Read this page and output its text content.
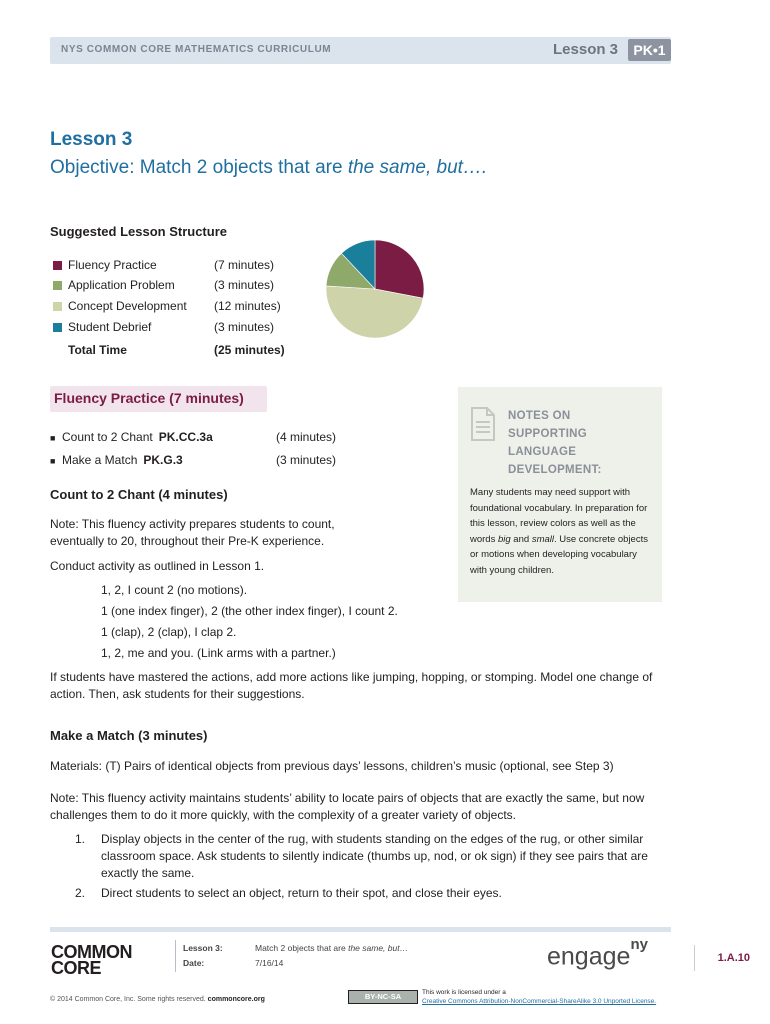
NYS COMMON CORE MATHEMATICS CURRICULUM	Lesson 3	PK•1
Lesson 3
Objective: Match 2 objects that are the same, but….
Suggested Lesson Structure
Fluency Practice	(7 minutes)
Application Problem	(3 minutes)
Concept Development (12 minutes)
Student Debrief	(3 minutes)
Total Time	(25 minutes)
Fluency Practice (7 minutes)
■ Count to 2 Chant PK.CC.3a	(4 minutes)
■ Make a Match PK.G.3	(3 minutes)
NOTES ON
SUPPORTING
LANGUAGE
DEVELOPMENT:
Many students may need support with foundational vocabulary. In preparation for this lesson, review colors as well as the words big and small. Use concrete objects or motions when developing vocabulary with young children.
Count to 2 Chant (4 minutes)
Note: This fluency activity prepares students to count, eventually to 20, throughout their Pre-K experience.
Conduct activity as outlined in Lesson 1.
1, 2, I count 2 (no motions).
1 (one index finger), 2 (the other index finger), I count 2.
1 (clap), 2 (clap), I clap 2.
1, 2, me and you. (Link arms with a partner.)
If students have mastered the actions, add more actions like jumping, hopping, or stomping. Model one change of action. Then, ask students for their suggestions.
Make a Match (3 minutes)
Materials: (T) Pairs of identical objects from previous days’ lessons, children’s music (optional, see Step 3)
Note: This fluency activity maintains students’ ability to locate pairs of objects that are exactly the same, but now challenges them to do it more quickly, with the complexity of a greater variety of objects.
1. Display objects in the center of the rug, with students standing on the edges of the rug, or other similar classroom space. Ask students to silently indicate (thumbs up, nod, or ok sign) if they see pairs that are exactly the same.
2. Direct students to select an object, return to their spot, and close their eyes.
COMMON
CORE
Lesson 3:	Match 2 objects that are the same, but…
Date:	7/16/14	engage$^{ny}$
1.A.10
© 2014 Common Core, Inc. Some rights reserved. commoncore.org	BY-NC-SA	This work is licensed under a
Creative Commons Attribution-NonCommercial-ShareAlike 3.0 Unported License.
